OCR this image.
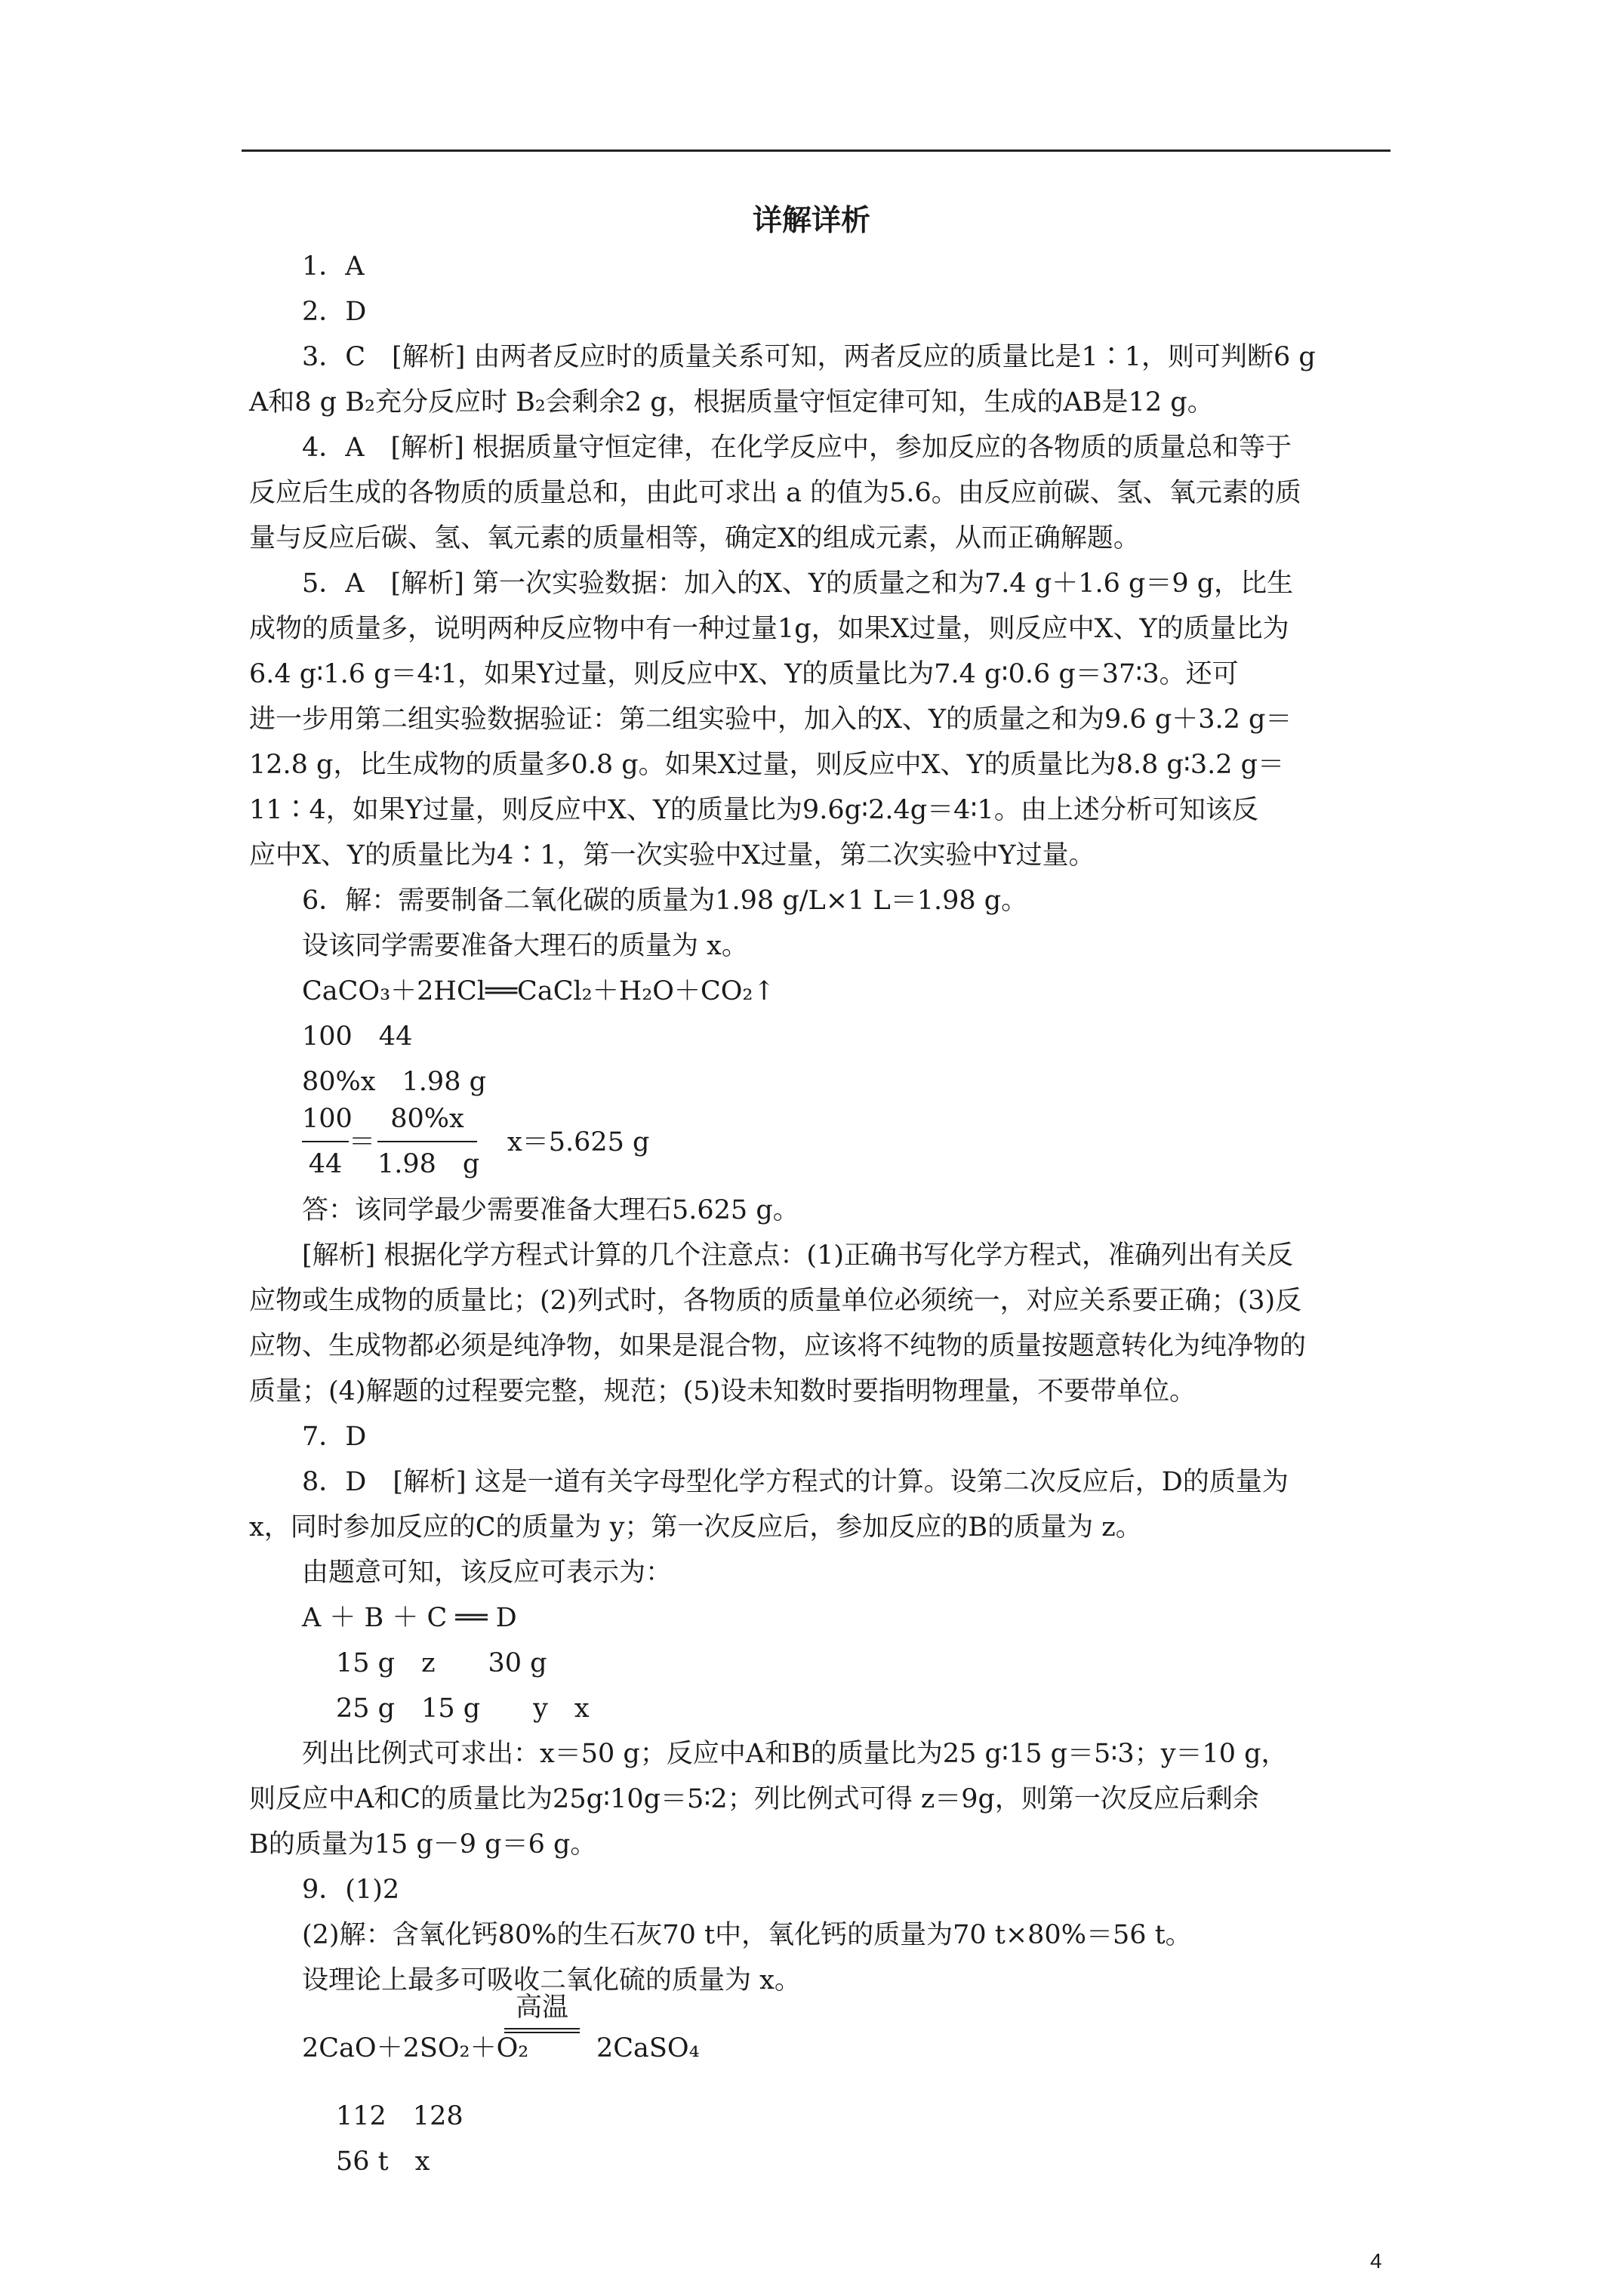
详解详析
1．A
2．D
3．C　[解析] 由两者反应时的质量关系可知，两者反应的质量比是1∶1，则可判断6 g
A和8 g B₂充分反应时 B₂会剩余2 g，根据质量守恒定律可知，生成的AB是12 g。
4．A　[解析] 根据质量守恒定律，在化学反应中，参加反应的各物质的质量总和等于
反应后生成的各物质的质量总和，由此可求出 a 的值为5.6。由反应前碳、氢、氧元素的质
量与反应后碳、氢、氧元素的质量相等，确定X的组成元素，从而正确解题。
5．A　[解析] 第一次实验数据：加入的X、Y的质量之和为7.4 g＋1.6 g＝9 g，比生
成物的质量多，说明两种反应物中有一种过量1g，如果X过量，则反应中X、Y的质量比为
6.4 g∶1.6 g＝4∶1，如果Y过量，则反应中X、Y的质量比为7.4 g∶0.6 g＝37∶3。还可
进一步用第二组实验数据验证：第二组实验中，加入的X、Y的质量之和为9.6 g＋3.2 g＝
12.8 g，比生成物的质量多0.8 g。如果X过量，则反应中X、Y的质量比为8.8 g∶3.2 g＝
11∶4，如果Y过量，则反应中X、Y的质量比为9.6g∶2.4g＝4∶1。由上述分析可知该反
应中X、Y的质量比为4∶1，第一次实验中X过量，第二次实验中Y过量。
6．解：需要制备二氧化碳的质量为1.98 g/L×1 L＝1.98 g。
设该同学需要准备大理石的质量为 x。
CaCO₃＋2HCl══CaCl₂＋H₂O＋CO₂↑
100　44
80%x　1.98 g
100
44
＝
80%x
1.98　g
x＝5.625 g
答：该同学最少需要准备大理石5.625 g。
[解析] 根据化学方程式计算的几个注意点：(1)正确书写化学方程式，准确列出有关反
应物或生成物的质量比；(2)列式时，各物质的质量单位必须统一，对应关系要正确；(3)反
应物、生成物都必须是纯净物，如果是混合物，应该将不纯物的质量按题意转化为纯净物的
质量；(4)解题的过程要完整，规范；(5)设未知数时要指明物理量，不要带单位。
7．D
8．D　[解析] 这是一道有关字母型化学方程式的计算。设第二次反应后，D的质量为
x，同时参加反应的C的质量为 y；第一次反应后，参加反应的B的质量为 z。
由题意可知，该反应可表示为：
A ＋ B ＋ C ══ D
15 g　z　　30 g
25 g　15 g　　y　x
列出比例式可求出：x＝50 g；反应中A和B的质量比为25 g∶15 g＝5∶3；y＝10 g，
则反应中A和C的质量比为25g∶10g＝5∶2；列比例式可得 z＝9g，则第一次反应后剩余
B的质量为15 g－9 g＝6 g。
9．(1)2
(2)解：含氧化钙80%的生石灰70 t中，氧化钙的质量为70 t×80%＝56 t。
设理论上最多可吸收二氧化硫的质量为 x。
2CaO＋2SO₂＋O₂
高温
2CaSO₄
112　128
56 t　x
4
